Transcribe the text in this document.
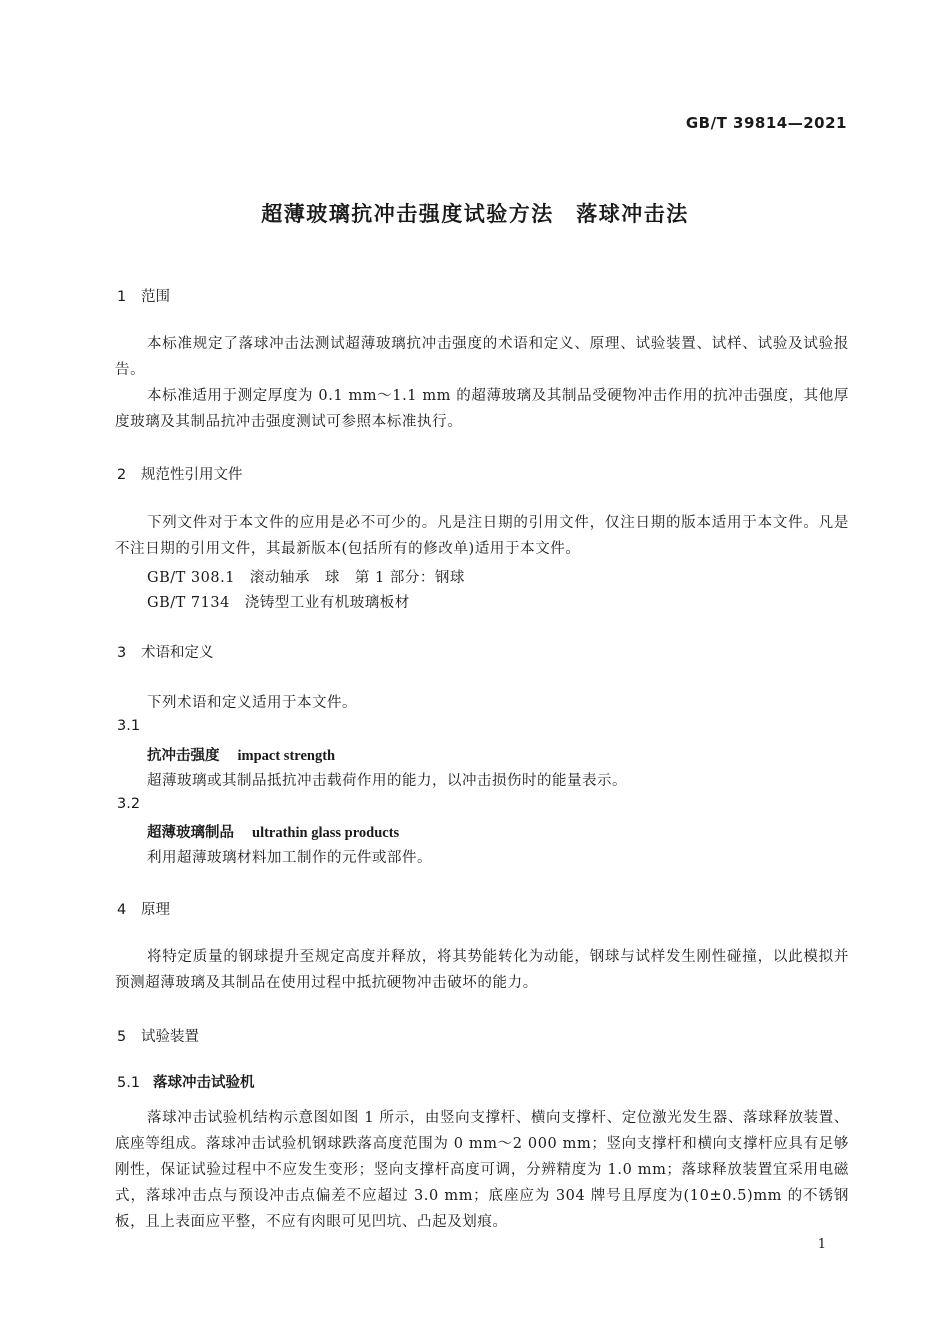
GB/T 39814—2021
超薄玻璃抗冲击强度试验方法　落球冲击法
1 范围
本标准规定了落球冲击法测试超薄玻璃抗冲击强度的术语和定义、原理、试验装置、试样、试验及试验报告。
本标准适用于测定厚度为 0.1 mm～1.1 mm 的超薄玻璃及其制品受硬物冲击作用的抗冲击强度，其他厚度玻璃及其制品抗冲击强度测试可参照本标准执行。
2 规范性引用文件
下列文件对于本文件的应用是必不可少的。凡是注日期的引用文件，仅注日期的版本适用于本文件。凡是不注日期的引用文件，其最新版本(包括所有的修改单)适用于本文件。
GB/T 308.1　滚动轴承　球　第 1 部分：钢球
GB/T 7134　浇铸型工业有机玻璃板材
3 术语和定义
下列术语和定义适用于本文件。
3.1
抗冲击强度 impact strength
超薄玻璃或其制品抵抗冲击载荷作用的能力，以冲击损伤时的能量表示。
3.2
超薄玻璃制品 ultrathin glass products
利用超薄玻璃材料加工制作的元件或部件。
4 原理
将特定质量的钢球提升至规定高度并释放，将其势能转化为动能，钢球与试样发生刚性碰撞，以此模拟并预测超薄玻璃及其制品在使用过程中抵抗硬物冲击破坏的能力。
5 试验装置
5.1 落球冲击试验机
落球冲击试验机结构示意图如图 1 所示，由竖向支撑杆、横向支撑杆、定位激光发生器、落球释放装置、底座等组成。落球冲击试验机钢球跌落高度范围为 0 mm～2 000 mm；竖向支撑杆和横向支撑杆应具有足够刚性，保证试验过程中不应发生变形；竖向支撑杆高度可调，分辨精度为 1.0 mm；落球释放装置宜采用电磁式，落球冲击点与预设冲击点偏差不应超过 3.0 mm；底座应为 304 牌号且厚度为(10±0.5)mm 的不锈钢板，且上表面应平整，不应有肉眼可见凹坑、凸起及划痕。
1
